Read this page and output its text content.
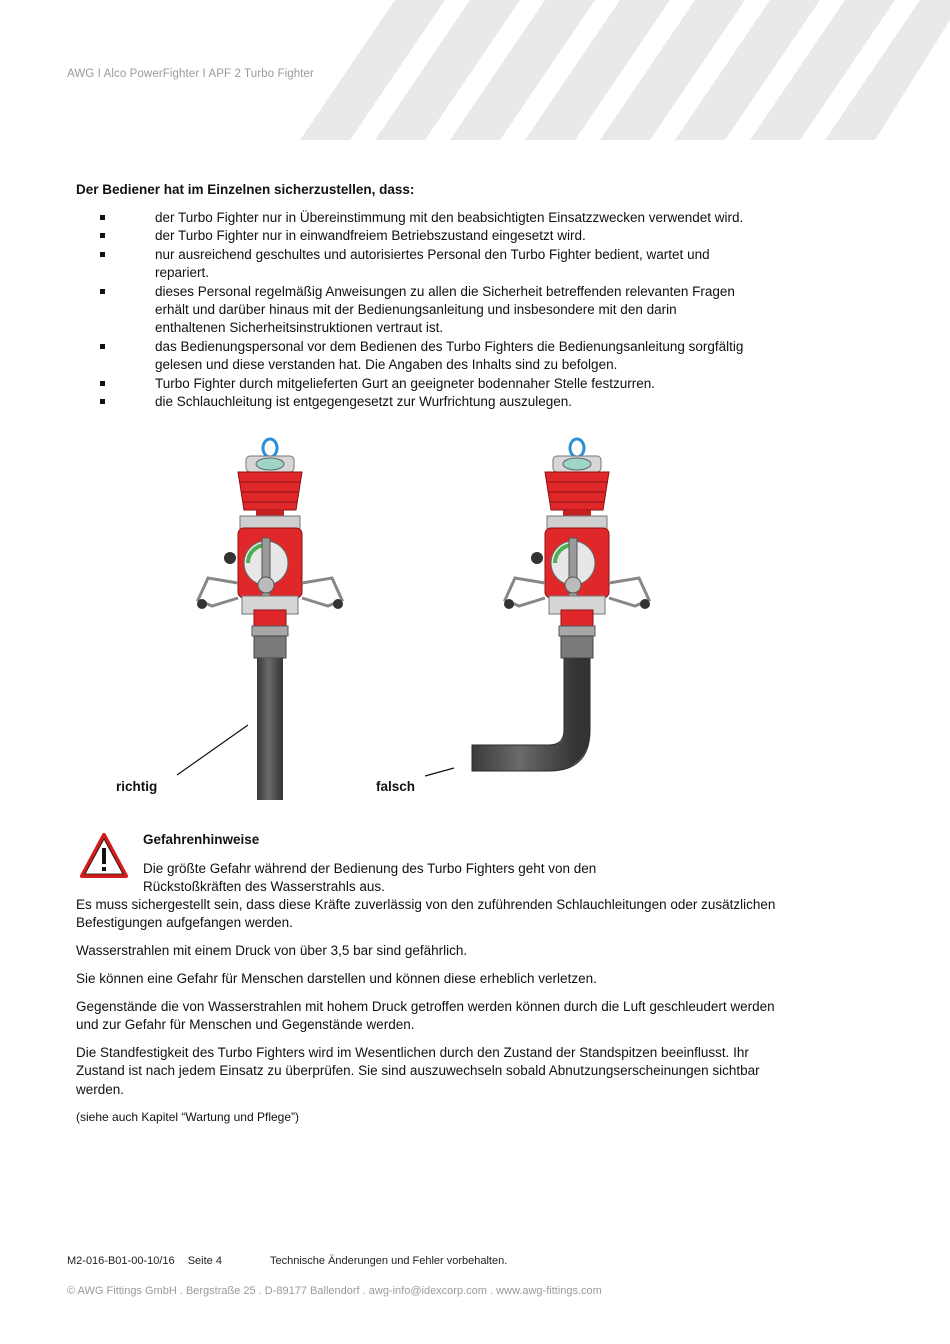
AWG I Alco PowerFighter I APF 2 Turbo Fighter
Der Bediener hat im Einzelnen sicherzustellen, dass:
der Turbo Fighter nur in Übereinstimmung mit den beabsichtigten Einsatzzwecken verwendet wird.
der Turbo Fighter nur in einwandfreiem Betriebszustand eingesetzt wird.
nur ausreichend geschultes und autorisiertes Personal den Turbo Fighter bedient, wartet und repariert.
dieses Personal regelmäßig Anweisungen zu allen die Sicherheit betreffenden relevanten Fragen erhält und darüber hinaus mit der Bedienungsanleitung und insbesondere mit den darin enthaltenen Sicherheitsinstruktionen vertraut ist.
das Bedienungspersonal vor dem Bedienen des Turbo Fighters die Bedienungsanleitung sorgfältig gelesen und diese verstanden hat. Die Angaben des Inhalts sind zu befolgen.
Turbo Fighter durch mitgelieferten Gurt an geeigneter bodennaher Stelle festzurren.
die Schlauchleitung ist entgegengesetzt zur Wurfrichtung auszulegen.
richtig	falsch
Gefahrenhinweise
Die größte Gefahr während der Bedienung des Turbo Fighters geht von den Rückstoßkräften des Wasserstrahls aus.
Es muss sichergestellt sein, dass diese Kräfte zuverlässig von den zuführenden Schlauchleitungen oder zusätzlichen Befestigungen aufgefangen werden.
Wasserstrahlen mit einem Druck von über 3,5 bar sind gefährlich.
Sie können eine Gefahr für Menschen darstellen und können diese erheblich verletzen.
Gegenstände die von Wasserstrahlen mit hohem Druck getroffen werden können durch die Luft geschleudert werden und zur Gefahr für Menschen und Gegenstände werden.
Die Standfestigkeit des Turbo Fighters wird im Wesentlichen durch den Zustand der Standspitzen beeinflusst. Ihr Zustand ist nach jedem Einsatz zu überprüfen. Sie sind auszuwechseln sobald Abnutzungserscheinungen sichtbar werden.
(siehe auch Kapitel “Wartung und Pflege”)
M2-016-B01-00-10/16 Seite 4	Technische Änderungen und Fehler vorbehalten.
© AWG Fittings GmbH . Bergstraße 25 . D-89177 Ballendorf . awg-info@idexcorp.com . www.awg-fittings.com
